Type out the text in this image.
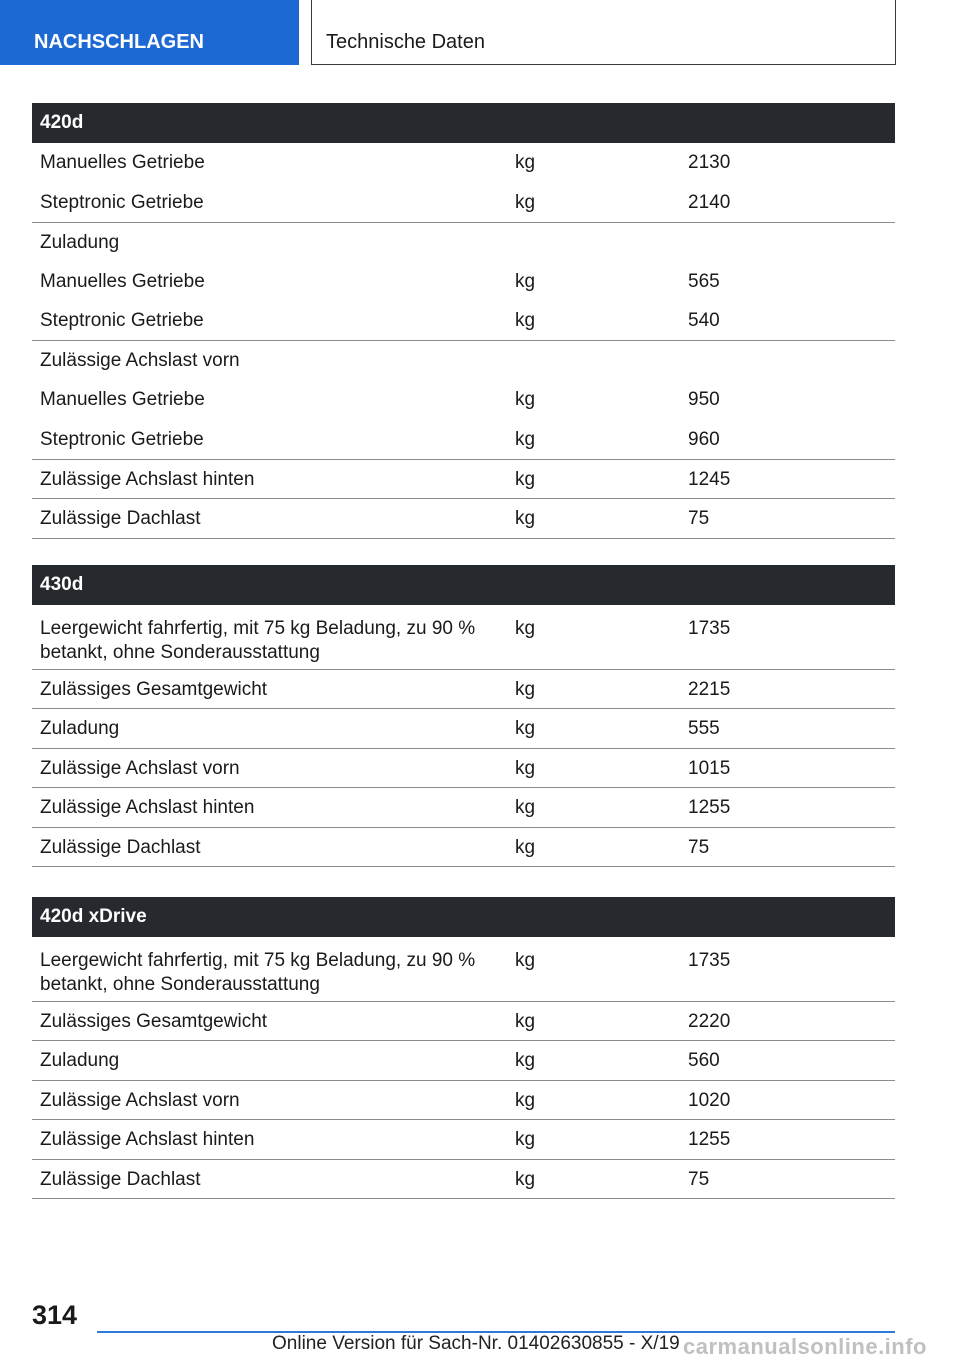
NACHSCHLAGEN	Technische Daten
420d		
Manuelles Getriebe	kg	2130
Steptronic Getriebe	kg	2140
Zuladung		
Manuelles Getriebe	kg	565
Steptronic Getriebe	kg	540
Zulässige Achslast vorn		
Manuelles Getriebe	kg	950
Steptronic Getriebe	kg	960
Zulässige Achslast hinten	kg	1245
Zulässige Dachlast	kg	75
430d		
Leergewicht fahrfertig, mit 75 kg Beladung, zu 90 % betankt, ohne Sonderausstattung	kg	1735
Zulässiges Gesamtgewicht	kg	2215
Zuladung	kg	555
Zulässige Achslast vorn	kg	1015
Zulässige Achslast hinten	kg	1255
Zulässige Dachlast	kg	75
420d xDrive		
Leergewicht fahrfertig, mit 75 kg Beladung, zu 90 % betankt, ohne Sonderausstattung	kg	1735
Zulässiges Gesamtgewicht	kg	2220
Zuladung	kg	560
Zulässige Achslast vorn	kg	1020
Zulässige Achslast hinten	kg	1255
Zulässige Dachlast	kg	75
314
Online Version für Sach-Nr. 01402630855 - X/19 carmanualsonline.info
